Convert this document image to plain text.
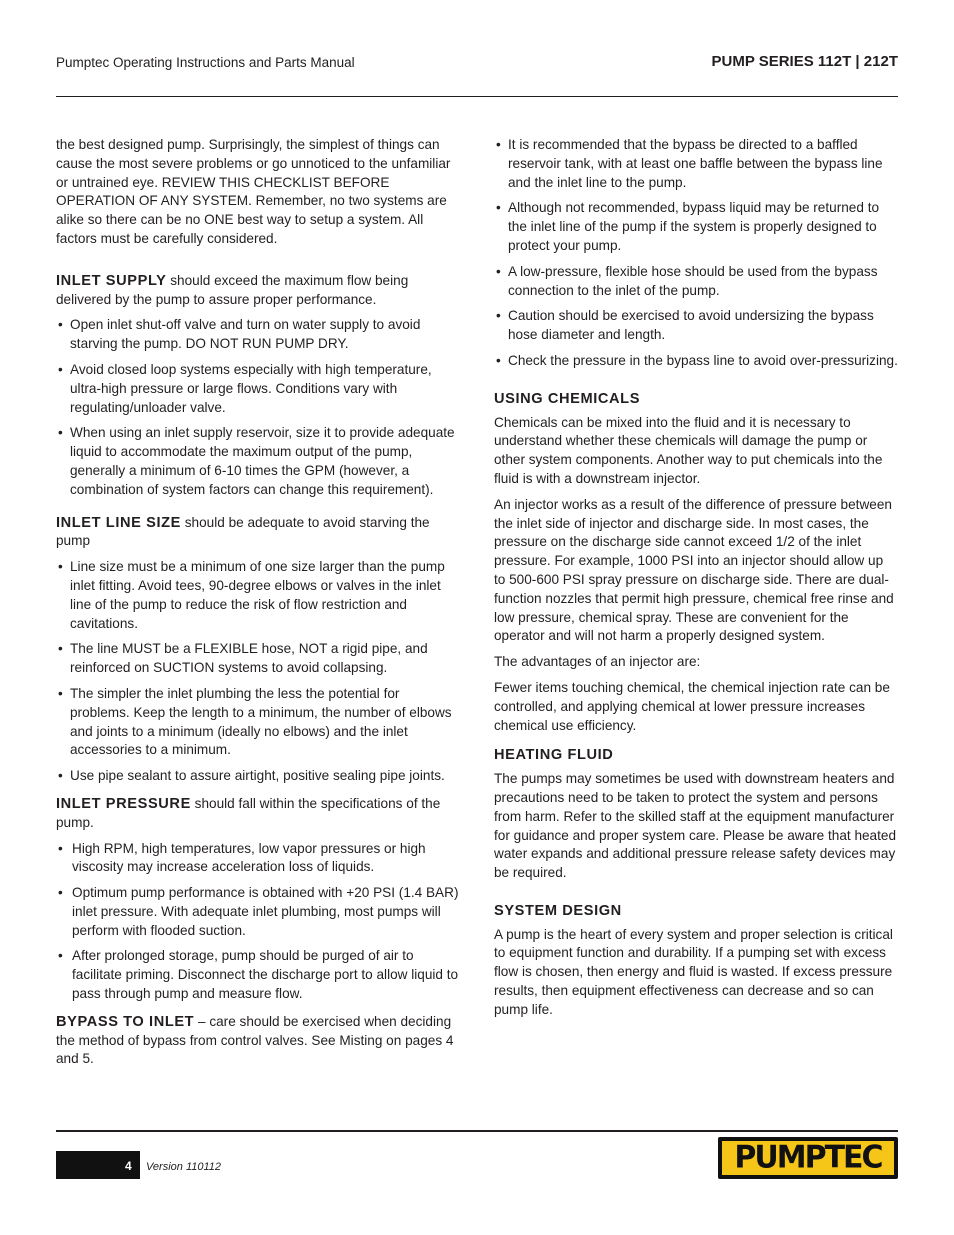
Pumptec Operating Instructions and Parts Manual	PUMP SERIES 112T | 212T

the best designed pump. Surprisingly, the simplest of things can cause the most severe problems or go unnoticed to the unfamiliar or untrained eye. REVIEW THIS CHECKLIST BEFORE OPERATION OF ANY SYSTEM. Remember, no two systems are alike so there can be no ONE best way to setup a system. All factors must be carefully considered.

INLET SUPPLY should exceed the maximum flow being delivered by the pump to assure proper performance.

• Open inlet shut-off valve and turn on water supply to avoid starving the pump. DO NOT RUN PUMP DRY.
• Avoid closed loop systems especially with high temperature, ultra-high pressure or large flows. Conditions vary with regulating/unloader valve.
• When using an inlet supply reservoir, size it to provide adequate liquid to accommodate the maximum output of the pump, generally a minimum of 6-10 times the GPM (however, a combination of system factors can change this requirement).

INLET LINE SIZE should be adequate to avoid starving the pump

• Line size must be a minimum of one size larger than the pump inlet fitting. Avoid tees, 90-degree elbows or valves in the inlet line of the pump to reduce the risk of flow restriction and cavitations.
• The line MUST be a FLEXIBLE hose, NOT a rigid pipe, and reinforced on SUCTION systems to avoid collapsing.
• The simpler the inlet plumbing the less the potential for problems. Keep the length to a minimum, the number of elbows and joints to a minimum (ideally no elbows) and the inlet accessories to a minimum.
• Use pipe sealant to assure airtight, positive sealing pipe joints.

INLET PRESSURE should fall within the specifications of the pump.

• High RPM, high temperatures, low vapor pressures or high viscosity may increase acceleration loss of liquids.
• Optimum pump performance is obtained with +20 PSI (1.4 BAR) inlet pressure. With adequate inlet plumbing, most pumps will perform with flooded suction.
• After prolonged storage, pump should be purged of air to facilitate priming. Disconnect the discharge port to allow liquid to pass through pump and measure flow.

BYPASS TO INLET – care should be exercised when deciding the method of bypass from control valves. See Misting on pages 4 and 5.

• It is recommended that the bypass be directed to a baffled reservoir tank, with at least one baffle between the bypass line and the inlet line to the pump.
• Although not recommended, bypass liquid may be returned to the inlet line of the pump if the system is properly designed to protect your pump.
• A low-pressure, flexible hose should be used from the bypass connection to the inlet of the pump.
• Caution should be exercised to avoid undersizing the bypass hose diameter and length.
• Check the pressure in the bypass line to avoid over-pressurizing.
USING CHEMICALS

Chemicals can be mixed into the fluid and it is necessary to understand whether these chemicals will damage the pump or other system components. Another way to put chemicals into the fluid is with a downstream injector.

An injector works as a result of the difference of pressure between the inlet side of injector and discharge side. In most cases, the pressure on the discharge side cannot exceed 1/2 of the inlet pressure. For example, 1000 PSI into an injector should allow up to 500-600 PSI spray pressure on discharge side. There are dual-function nozzles that permit high pressure, chemical free rinse and low pressure, chemical spray. These are convenient for the operator and will not harm a properly designed system.

The advantages of an injector are:

Fewer items touching chemical, the chemical injection rate can be controlled, and applying chemical at lower pressure increases chemical use efficiency.

HEATING FLUID

The pumps may sometimes be used with downstream heaters and precautions need to be taken to protect the system and persons from harm. Refer to the skilled staff at the equipment manufacturer for guidance and proper system care. Please be aware that heated water expands and additional pressure release safety devices may be required.

SYSTEM DESIGN

A pump is the heart of every system and proper selection is critical to equipment function and durability. If a pumping set with excess flow is chosen, then energy and fluid is wasted. If excess pressure results, then equipment effectiveness can decrease and so can pump life.

4 Version 110112	PUMPTEC
